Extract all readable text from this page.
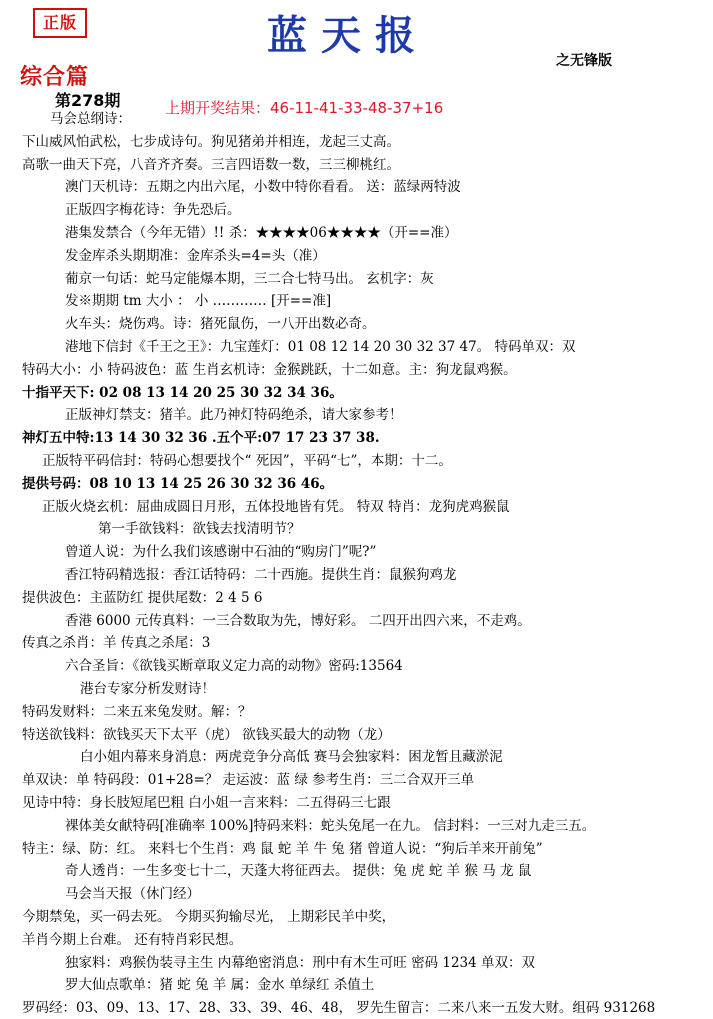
正版	蓝天报
之无锋版
综合篇
第278期	上期开奖结果：46-11-41-33-48-37+16
马会总纲诗：
下山威风怕武松，七步成诗句。狗见猪弟并相连，龙起三丈高。
高歌一曲天下亮，八音齐齐奏。三言四语数一数，三三柳桃红。
澳门天机诗：五期之内出六尾，小数中特你看看。 送：蓝绿两特波
正版四字梅花诗：争先恐后。
港集发禁合（今年无错）!! 杀：★★★★06★★★★（开==准）
发金库杀头期期准：金库杀头=4=头（准）
葡京一句话：蛇马定能爆本期，三二合七特马出。 玄机字：灰
发※期期 tm 大小 ： 小 ………… [开==准]
火车头：烧伤鸡。诗：猪死鼠伤，一八开出数必奇。
港地下信封《千王之王》：九宝莲灯：01 08 12 14 20 30 32 37 47。 特码单双：双
特码大小：小 特码波色：蓝 生肖玄机诗：金猴跳跃，十二如意。主：狗龙鼠鸡猴。
十指平天下: 02 08 13 14 20 25 30 32 34 36。
正版神灯禁支：猪羊。此乃神灯特码绝杀，请大家参考！
神灯五中特:13 14 30 32 36 .五个平:07 17 23 37 38.
正版特平码信封：特码心想要找个“ 死因”，平码“七”，本期：十二。
提供号码：08 10 13 14 25 26 30 32 36 46。
正版火烧玄机：屈曲成圆日月形，五体投地皆有凭。 特双 特肖：龙狗虎鸡猴鼠
第一手欲钱料：欲钱去找清明节？
曾道人说：为什么我们该感谢中石油的“购房门”呢?”
香江特码精选报：香江话特码：二十西施。提供生肖：鼠猴狗鸡龙
提供波色：主蓝防红 提供尾数：2 4 5 6
香港 6000 元传真料：一三合数取为先，博好彩。 二四开出四六来，不走鸡。
传真之杀肖：羊 传真之杀尾：3
六合圣旨：《欲钱买断章取义定力高的动物》密码:13564
港台专家分析发财诗！
特码发财料：二来五来兔发财。解：？
特送欲钱料：欲钱买天下太平（虎） 欲钱买最大的动物（龙）
白小姐内幕来身消息：两虎竞争分高低 赛马会独家料：困龙暂且藏淤泥
单双诀：单 特码段：01+28=？ 走运波：蓝 绿 参考生肖：三二合双开三单
见诗中特：身长肢短尾巴粗 白小姐一言来料：二五得码三七跟
裸体美女献特码[准确率 100%]特码来料：蛇头兔尾一在九。 信封料：一三对九走三五。
特主：绿、防：红。 来料七个生肖：鸡 鼠 蛇 羊 牛 兔 猪 曾道人说：“狗后羊来开前兔”
奇人透肖：一生多变七十二，天蓬大将征西去。 提供：兔 虎 蛇 羊 猴 马 龙 鼠
马会当天报（休门经）
今期禁兔，买一码去死。 今期买狗输尽光， 上期彩民羊中奖，
羊肖今期上台难。 还有特肖彩民想。
独家料：鸡猴伪装寻主生 内幕绝密消息：刑中有木生可旺 密码 1234 单双：双
罗大仙点歌单：猪 蛇 兔 羊 属：金水 单绿红 杀值土
罗码经：03、09、13、17、28、33、39、46、48， 罗先生留言：二来八来一五发大财。组码 931268
